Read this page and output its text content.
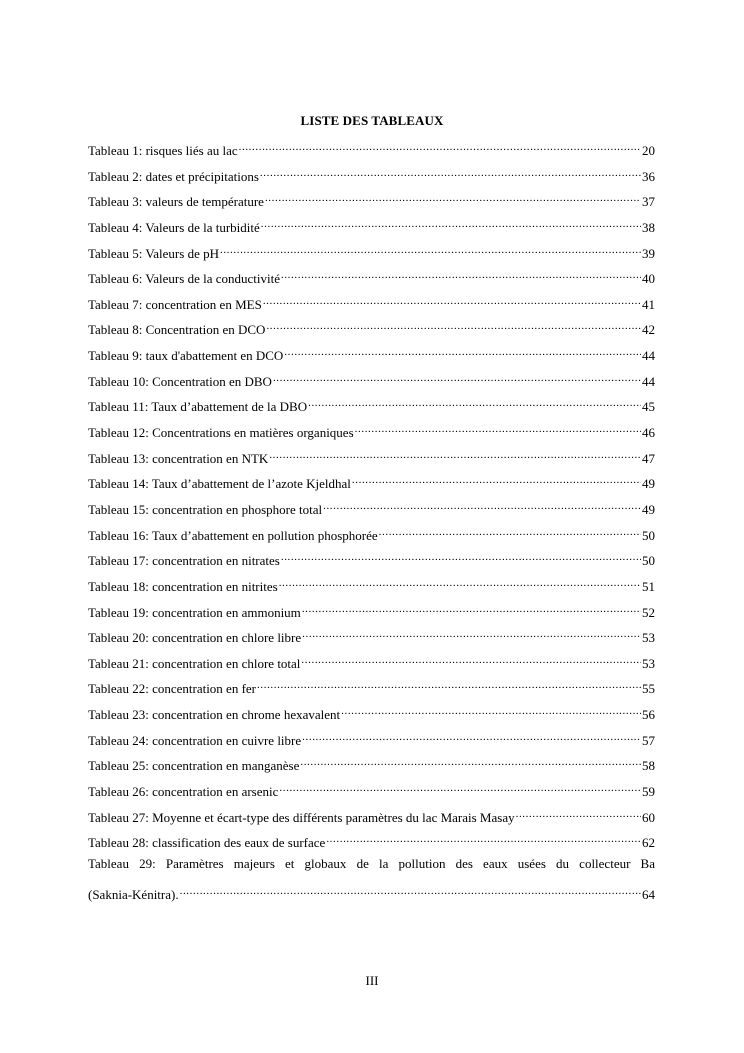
LISTE DES TABLEAUX
Tableau 1: risques liés au lac .....	20
Tableau 2: dates et précipitations .....	36
Tableau 3: valeurs de température .....	37
Tableau 4: Valeurs de la turbidité .....	38
Tableau 5: Valeurs de pH .....	39
Tableau 6: Valeurs de la conductivité .....	40
Tableau 7: concentration en MES .....	41
Tableau 8: Concentration en DCO .....	42
Tableau 9: taux d'abattement en DCO .....	44
Tableau 10: Concentration en DBO .....	44
Tableau 11: Taux d’abattement de la DBO .....	45
Tableau 12: Concentrations en matières organiques .....	46
Tableau 13: concentration en NTK .....	47
Tableau 14: Taux d’abattement de l’azote Kjeldhal .....	49
Tableau 15: concentration en phosphore total .....	49
Tableau 16: Taux d’abattement en pollution phosphorée .....	50
Tableau 17: concentration en nitrates .....	50
Tableau 18: concentration en nitrites .....	51
Tableau 19: concentration en ammonium .....	52
Tableau 20: concentration en chlore libre .....	53
Tableau 21: concentration en chlore total .....	53
Tableau 22: concentration en fer .....	55
Tableau 23: concentration en chrome hexavalent .....	56
Tableau 24: concentration en cuivre libre .....	57
Tableau 25: concentration en manganèse .....	58
Tableau 26: concentration en arsenic .....	59
Tableau 27: Moyenne et écart-type des différents paramètres du lac Marais Masay .....	60
Tableau 28: classification des eaux de surface .....	62
Tableau 29: Paramètres majeurs et globaux de la pollution des eaux usées du collecteur Ba
(Saknia-Kénitra). .....	64
III
